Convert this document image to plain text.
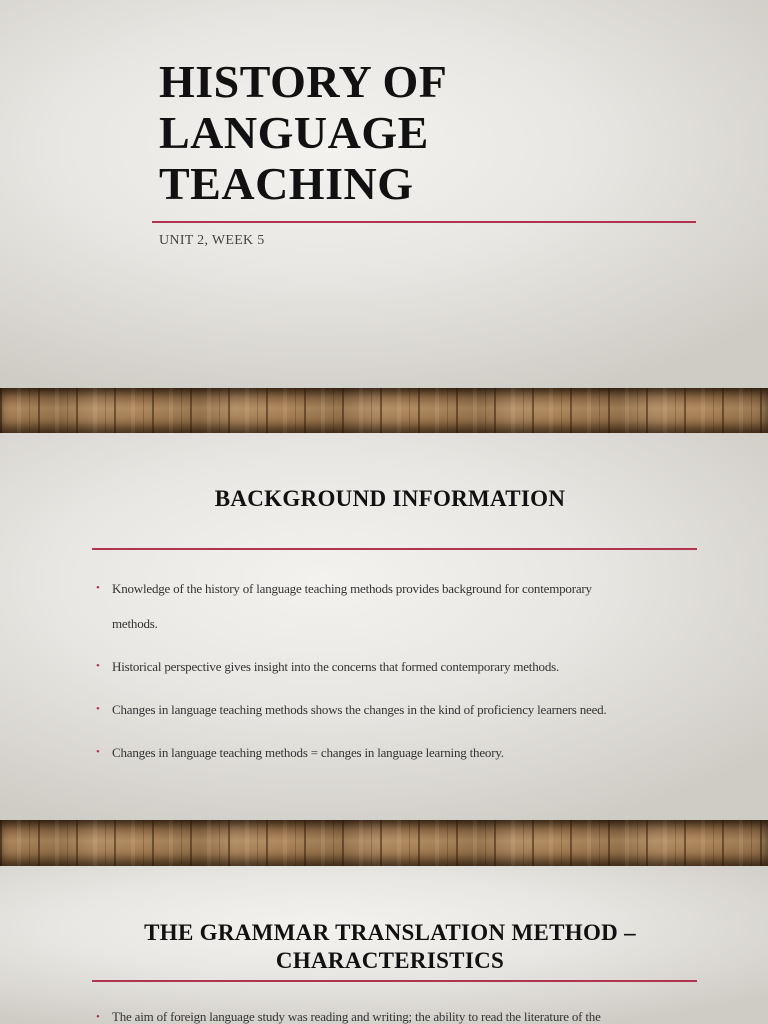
HISTORY OF
LANGUAGE
TEACHING
UNIT 2, WEEK 5
BACKGROUND INFORMATION
• Knowledge of the history of language teaching methods provides background for contemporary
methods.
• Historical perspective gives insight into the concerns that formed contemporary methods.
• Changes in language teaching methods shows the changes in the kind of proficiency learners need.
• Changes in language teaching methods = changes in language learning theory.
THE GRAMMAR TRANSLATION METHOD –
CHARACTERISTICS
• The aim of foreign language study was reading and writing; the ability to read the literature of the
